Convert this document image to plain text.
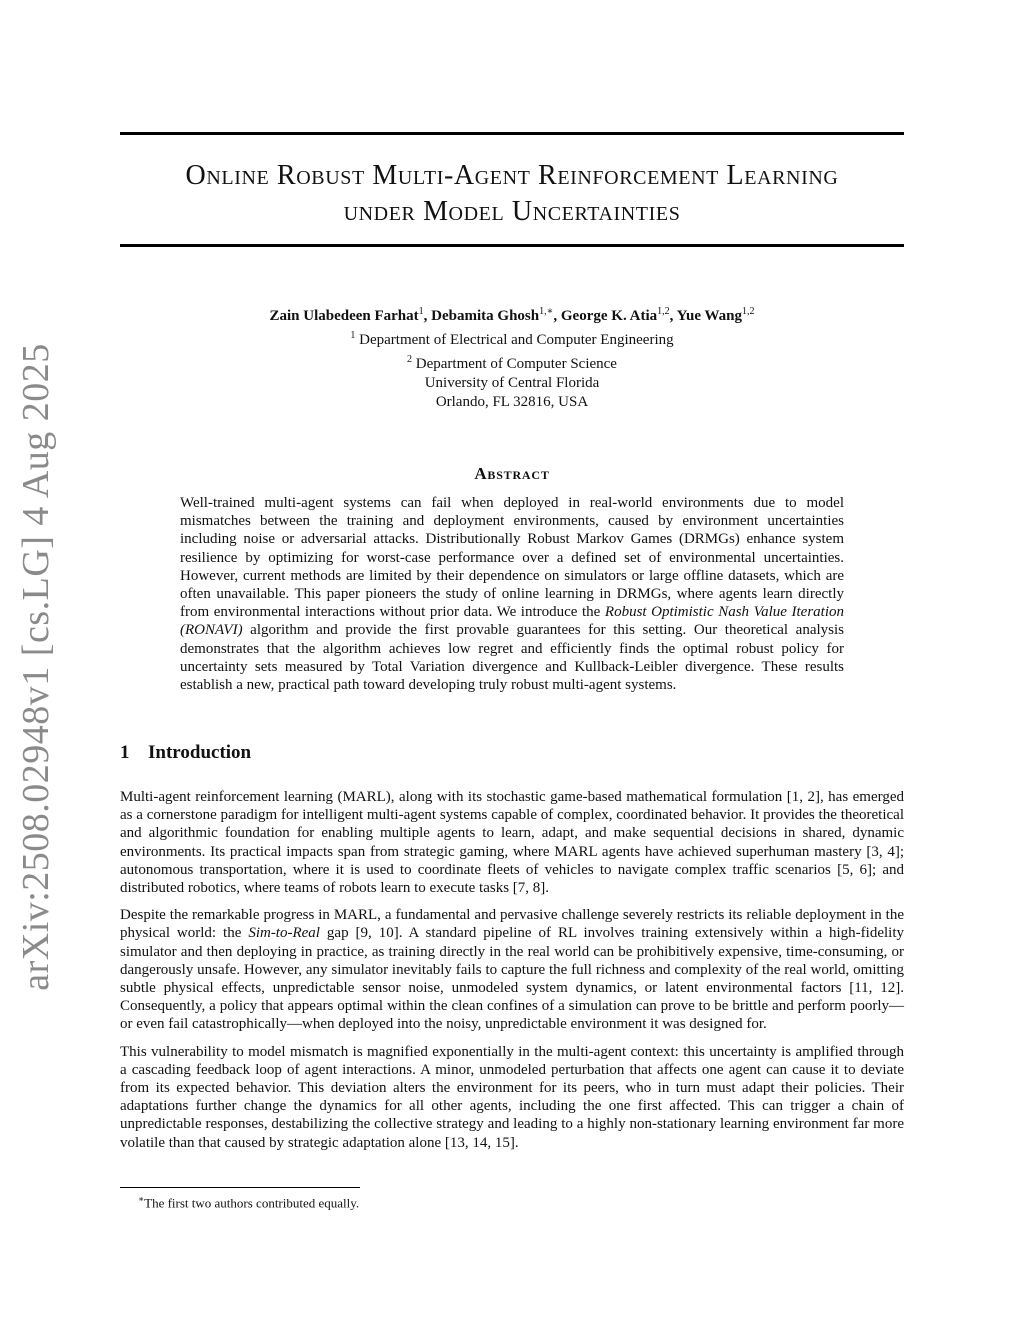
arXiv:2508.02948v1 [cs.LG] 4 Aug 2025
Online Robust Multi-Agent Reinforcement Learning
under Model Uncertainties
Zain Ulabedeen Farhat$^1$, Debamita Ghosh$^{1,∗}$, George K. Atia$^{1,2}$, Yue Wang$^{1,2}$
$^1$ Department of Electrical and Computer Engineering
$^2$ Department of Computer Science
University of Central Florida
Orlando, FL 32816, USA
Abstract
Well-trained multi-agent systems can fail when deployed in real-world environments due to model mismatches between the training and deployment environments, caused by environment uncertainties including noise or adversarial attacks. Distributionally Robust Markov Games (DRMGs) enhance system resilience by optimizing for worst-case performance over a defined set of environmental uncertainties. However, current methods are limited by their dependence on simulators or large offline datasets, which are often unavailable. This paper pioneers the study of online learning in DRMGs, where agents learn directly from environmental interactions without prior data. We introduce the Robust Optimistic Nash Value Iteration (RONAVI) algorithm and provide the first provable guarantees for this setting. Our theoretical analysis demonstrates that the algorithm achieves low regret and efficiently finds the optimal robust policy for uncertainty sets measured by Total Variation divergence and Kullback-Leibler divergence. These results establish a new, practical path toward developing truly robust multi-agent systems.
1 Introduction

Multi-agent reinforcement learning (MARL), along with its stochastic game-based mathematical formulation [1, 2], has emerged as a cornerstone paradigm for intelligent multi-agent systems capable of complex, coordinated behavior. It provides the theoretical and algorithmic foundation for enabling multiple agents to learn, adapt, and make sequential decisions in shared, dynamic environments. Its practical impacts span from strategic gaming, where MARL agents have achieved superhuman mastery [3, 4]; autonomous transportation, where it is used to coordinate fleets of vehicles to navigate complex traffic scenarios [5, 6]; and distributed robotics, where teams of robots learn to execute tasks [7, 8].

Despite the remarkable progress in MARL, a fundamental and pervasive challenge severely restricts its reliable deployment in the physical world: the Sim-to-Real gap [9, 10]. A standard pipeline of RL involves training extensively within a high-fidelity simulator and then deploying in practice, as training directly in the real world can be prohibitively expensive, time-consuming, or dangerously unsafe. However, any simulator inevitably fails to capture the full richness and complexity of the real world, omitting subtle physical effects, unpredictable sensor noise, unmodeled system dynamics, or latent environmental factors [11, 12]. Consequently, a policy that appears optimal within the clean confines of a simulation can prove to be brittle and perform poorly—or even fail catastrophically—when deployed into the noisy, unpredictable environment it was designed for.

This vulnerability to model mismatch is magnified exponentially in the multi-agent context: this uncertainty is amplified through a cascading feedback loop of agent interactions. A minor, unmodeled perturbation that affects one agent can cause it to deviate from its expected behavior. This deviation alters the environment for its peers, who in turn must adapt their policies. Their adaptations further change the dynamics for all other agents, including the one first affected. This can trigger a chain of unpredictable responses, destabilizing the collective strategy and leading to a highly non-stationary learning environment far more volatile than that caused by strategic adaptation alone [13, 14, 15].

∗The first two authors contributed equally.
